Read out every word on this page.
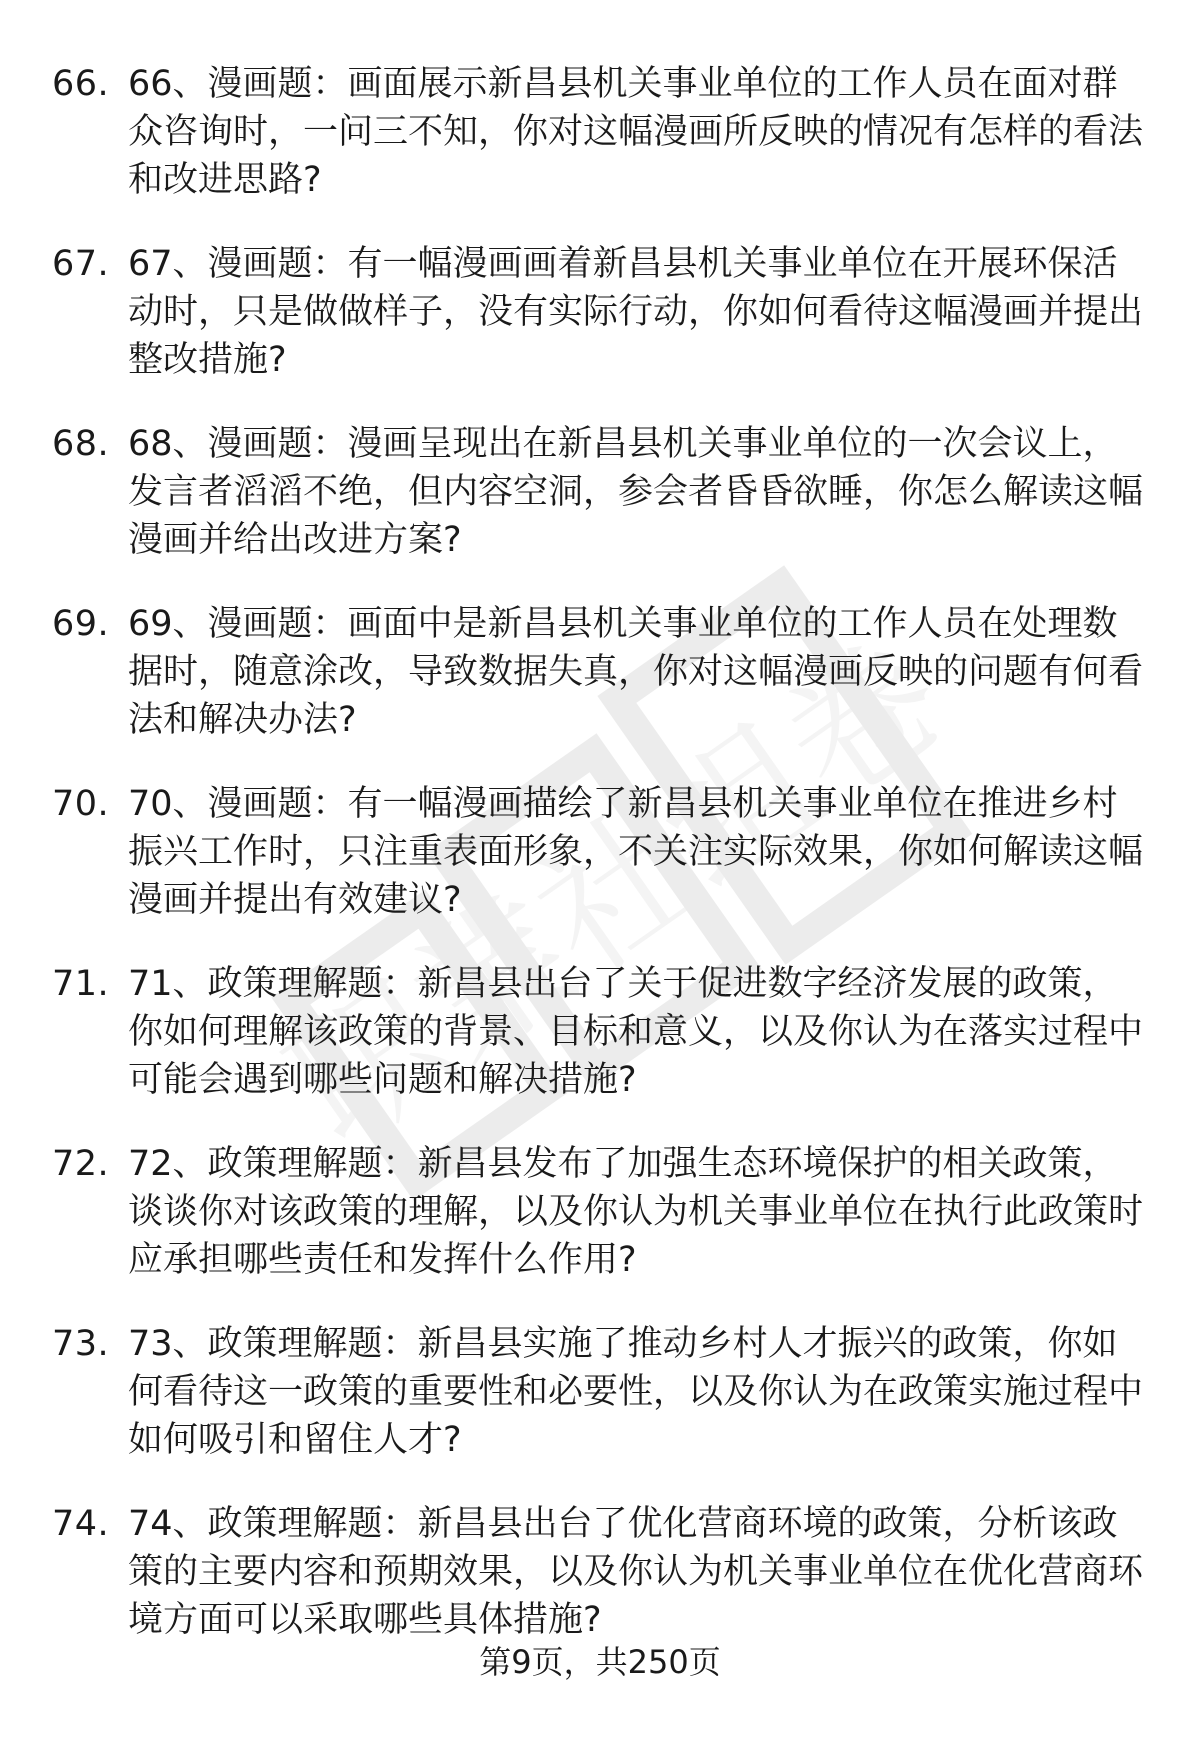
66. 66、漫画题：画面展示新昌县机关事业单位的工作人员在面对群众咨询时，一问三不知，你对这幅漫画所反映的情况有怎样的看法和改进思路?

67. 67、漫画题：有一幅漫画画着新昌县机关事业单位在开展环保活动时，只是做做样子，没有实际行动，你如何看待这幅漫画并提出整改措施?

68. 68、漫画题：漫画呈现出在新昌县机关事业单位的一次会议上，发言者滔滔不绝，但内容空洞，参会者昏昏欲睡，你怎么解读这幅漫画并给出改进方案?

69. 69、漫画题：画面中是新昌县机关事业单位的工作人员在处理数据时，随意涂改，导致数据失真，你对这幅漫画反映的问题有何看法和解决办法?

70. 70、漫画题：有一幅漫画描绘了新昌县机关事业单位在推进乡村振兴工作时，只注重表面形象，不关注实际效果，你如何解读这幅漫画并提出有效建议?

71. 71、政策理解题：新昌县出台了关于促进数字经济发展的政策，你如何理解该政策的背景、目标和意义，以及你认为在落实过程中可能会遇到哪些问题和解决措施?

72. 72、政策理解题：新昌县发布了加强生态环境保护的相关政策，谈谈你对该政策的理解，以及你认为机关事业单位在执行此政策时应承担哪些责任和发挥什么作用?

73. 73、政策理解题：新昌县实施了推动乡村人才振兴的政策，你如何看待这一政策的重要性和必要性，以及你认为在政策实施过程中如何吸引和留住人才?

74. 74、政策理解题：新昌县出台了优化营商环境的政策，分析该政策的主要内容和预期效果，以及你认为机关事业单位在优化营商环境方面可以采取哪些具体措施?

第9页，共250页
